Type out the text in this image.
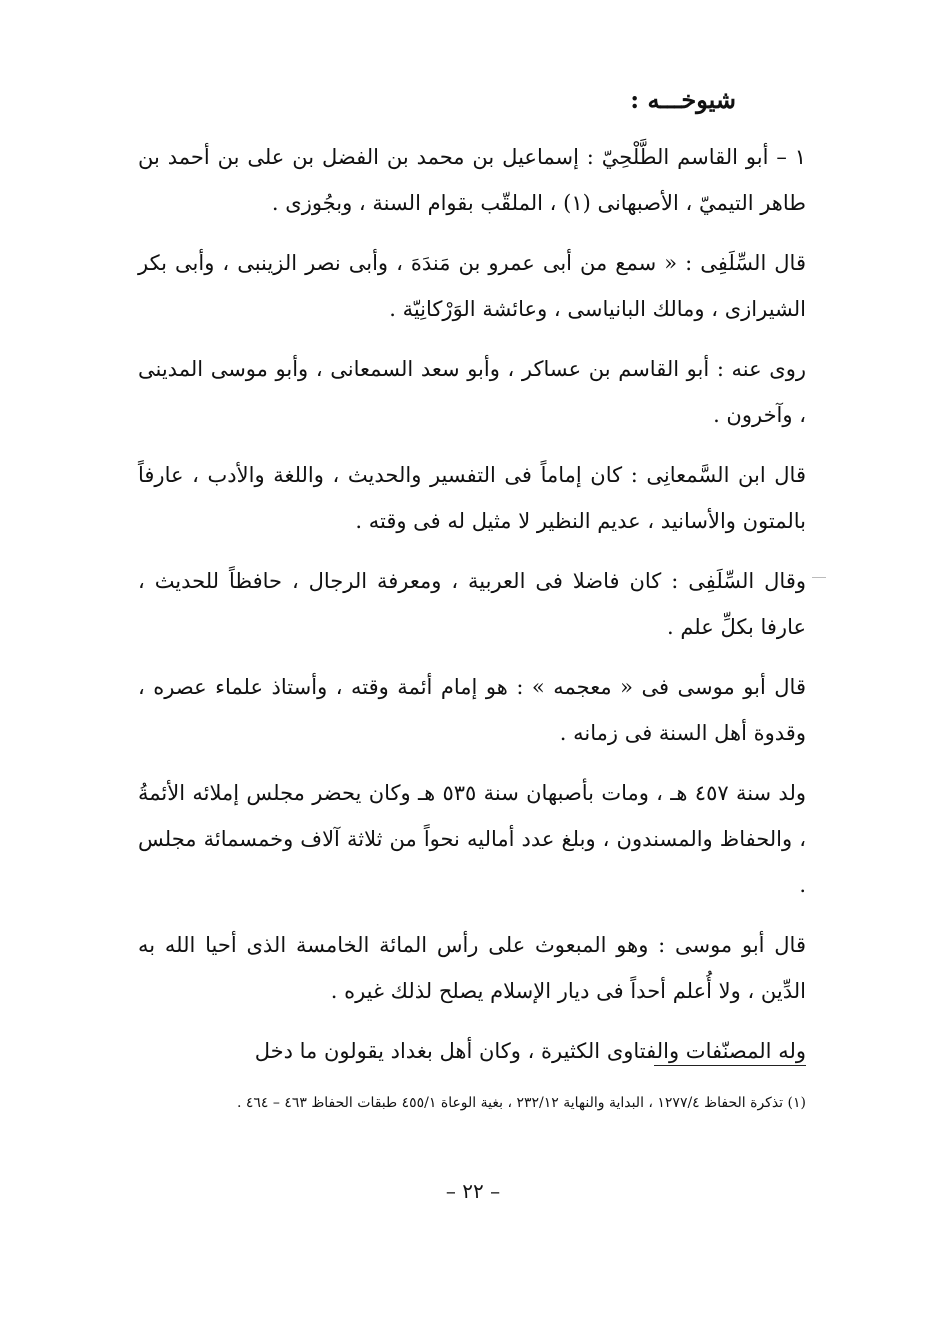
شيوخـــه :

١ – أبو القاسم الطَّلْحِيّ : إسماعيل بن محمد بن الفضل بن على بن أحمد بن طاهر التيميّ ، الأصبهانى (١) ، الملقّب بقوام السنة ، وبجُوزى .

قال السِّلَفِى : « سمع من أبى عمرو بن مَندَهَ ، وأبى نصر الزينبى ، وأبى بكر الشيرازى ، ومالك البانياسى ، وعائشة الوَرْكانِيّة .

روى عنه : أبو القاسم بن عساكر ، وأبو سعد السمعانى ، وأبو موسى المدينى ، وآخرون .

قال ابن السَّمعانِى : كان إماماً فى التفسير والحديث ، واللغة والأدب ، عارفاً بالمتون والأسانيد ، عديم النظير لا مثيل له فى وقته .

وقال السِّلَفِى : كان فاضلا فى العربية ، ومعرفة الرجال ، حافظاً للحديث ، عارفا بكلِّ علم .

قال أبو موسى فى « معجمه » : هو إمام أئمة وقته ، وأستاذ علماء عصره ، وقدوة أهل السنة فى زمانه .

ولد سنة ٤٥٧ هـ ، ومات بأصبهان سنة ٥٣٥ هـ وكان يحضر مجلس إملائه الأئمةُ ، والحفاظ والمسندون ، وبلغ عدد أماليه نحواً من ثلاثة آلاف وخمسمائة مجلس .

قال أبو موسى : وهو المبعوث على رأس المائة الخامسة الذى أحيا الله به الدِّين ، ولا أُعلم أحداً فى ديار الإسلام يصلح لذلك غيره .

وله المصنّفات والفتاوى الكثيرة ، وكان أهل بغداد يقولون ما دخل

(١) تذكرة الحفاظ ١٢٧٧/٤ ، البداية والنهاية ٢٣٢/١٢ ، بغية الوعاة ٤٥٥/١ طبقات الحفاظ ٤٦٣ – ٤٦٤ .
– ٢٢ –
